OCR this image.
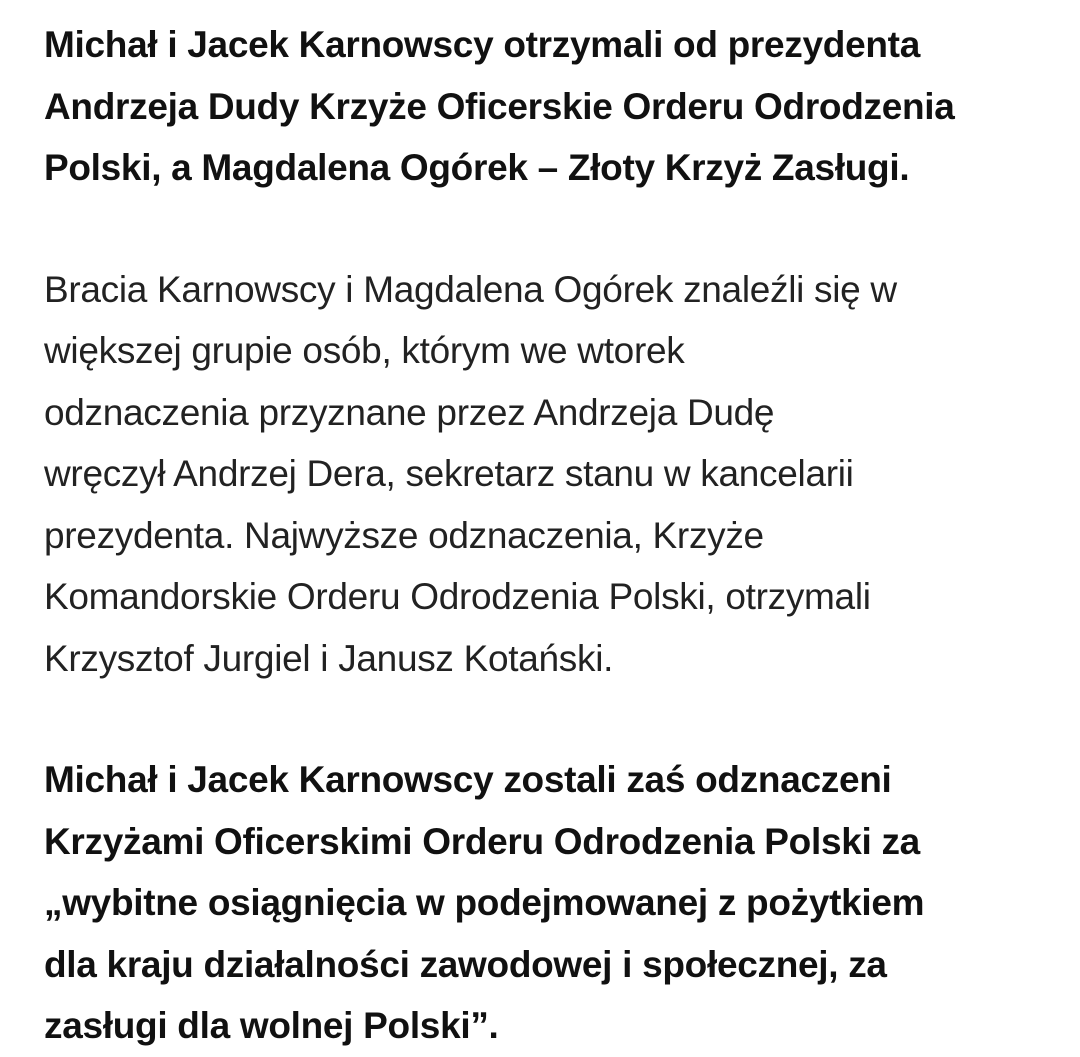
Michał i Jacek Karnowscy otrzymali od prezydenta
Andrzeja Dudy Krzyże Oficerskie Orderu Odrodzenia
Polski, a Magdalena Ogórek – Złoty Krzyż Zasługi.

Bracia Karnowscy i Magdalena Ogórek znaleźli się w
większej grupie osób, którym we wtorek
odznaczenia przyznane przez Andrzeja Dudę
wręczył Andrzej Dera, sekretarz stanu w kancelarii
prezydenta. Najwyższe odznaczenia, Krzyże
Komandorskie Orderu Odrodzenia Polski, otrzymali
Krzysztof Jurgiel i Janusz Kotański.

Michał i Jacek Karnowscy zostali zaś odznaczeni
Krzyżami Oficerskimi Orderu Odrodzenia Polski za
„wybitne osiągnięcia w podejmowanej z pożytkiem
dla kraju działalności zawodowej i społecznej, za
zasługi dla wolnej Polski”.
